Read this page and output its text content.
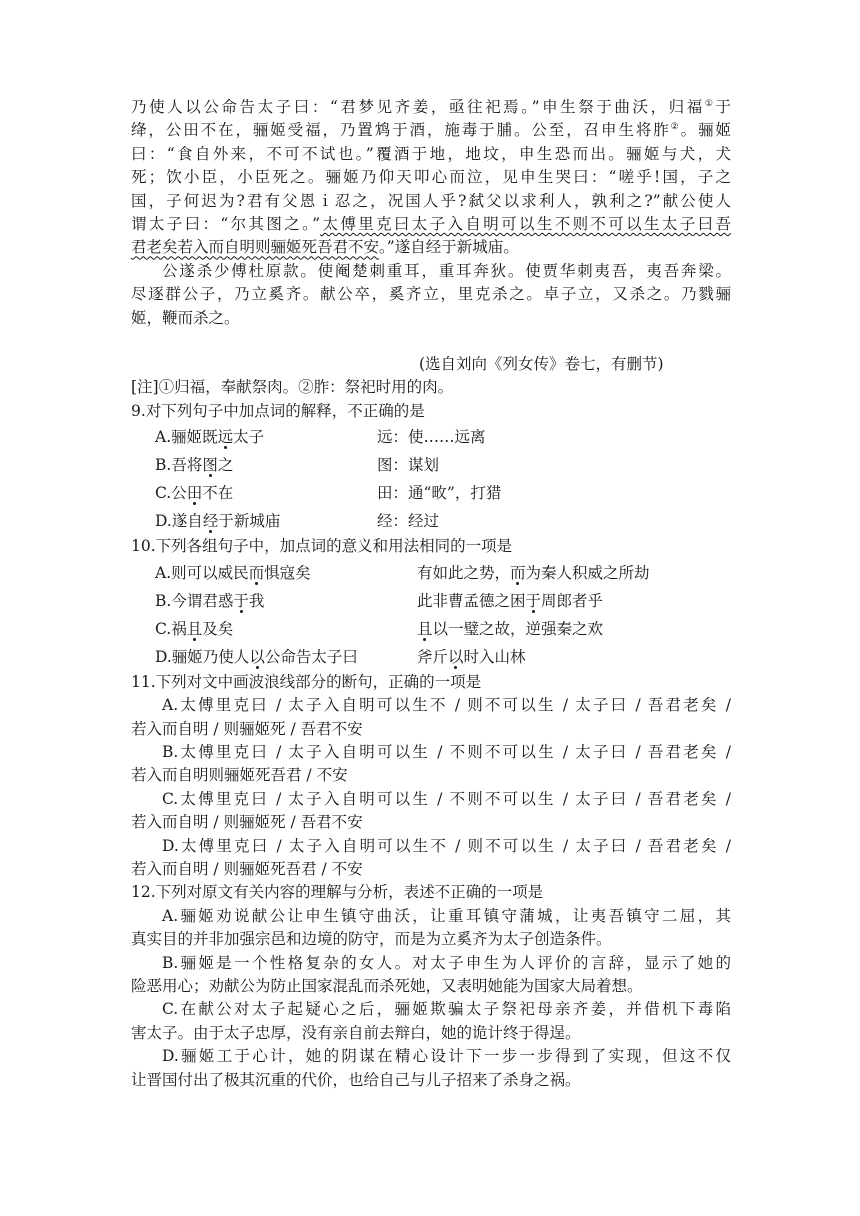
乃使人以公命告太子曰：“君梦见齐姜，亟往祀焉。”申生祭于曲沃，归福①于
绛，公田不在，骊姬受福，乃置鸩于酒，施毒于脯。公至，召申生将胙②。骊姬
曰：“食自外来，不可不试也。”覆酒于地，地坟，申生恐而出。骊姬与犬，犬
死；饮小臣，小臣死之。骊姬乃仰天叩心而泣，见申生哭曰：“嗟乎!国，子之
国，子何迟为?君有父恩ｉ忍之，况国人乎?弑父以求利人，孰利之?”献公使人
谓太子曰：“尔其图之。”太傅里克曰太子入自明可以生不则不可以生太子曰吾
君老矣若入而自明则骊姬死吾君不安。”遂自经于新城庙。
公遂杀少傅杜原款。使阉楚刺重耳，重耳奔狄。使贾华刺夷吾，夷吾奔梁。
尽逐群公子，乃立奚齐。献公卒，奚齐立，里克杀之。卓子立，又杀之。乃戮骊
姬，鞭而杀之。
(选自刘向《列女传》卷七，有删节)
[注]①归福，奉献祭肉。②胙：祭祀时用的肉。
9.对下列句子中加点词的解释，不正确的是
A.骊姬既远太子	远：使……远离
B.吾将图之	图：谋划
C.公田不在	田：通“畋”，打猎
D.遂自经于新城庙	经：经过
10.下列各组句子中，加点词的意义和用法相同的一项是
A.则可以威民而惧寇矣	有如此之势，而为秦人积威之所劫
B.今谓君惑于我	此非曹孟德之困于周郎者乎
C.祸且及矣	且以一璧之故，逆强秦之欢
D.骊姬乃使人以公命告太子曰	斧斤以时入山林
11.下列对文中画波浪线部分的断句，正确的一项是
A.太傅里克曰 / 太子入自明可以生不 / 则不可以生 / 太子曰 / 吾君老矣 /
若入而自明 / 则骊姬死 / 吾君不安
B.太傅里克曰 / 太子入自明可以生 / 不则不可以生 / 太子曰 / 吾君老矣 /
若入而自明则骊姬死吾君 / 不安
C.太傅里克曰 / 太子入自明可以生 / 不则不可以生 / 太子曰 / 吾君老矣 /
若入而自明 / 则骊姬死 / 吾君不安
D.太傅里克曰 / 太子入自明可以生不 / 则不可以生 / 太子曰 / 吾君老矣 /
若入而自明 / 则骊姬死吾君 / 不安
12.下列对原文有关内容的理解与分析，表述不正确的一项是
A.骊姬劝说献公让申生镇守曲沃，让重耳镇守蒲城，让夷吾镇守二屈，其
真实目的并非加强宗邑和边境的防守，而是为立奚齐为太子创造条件。
B.骊姬是一个性格复杂的女人。对太子申生为人评价的言辞，显示了她的
险恶用心；劝献公为防止国家混乱而杀死她，又表明她能为国家大局着想。
C.在献公对太子起疑心之后，骊姬欺骗太子祭祀母亲齐姜，并借机下毒陷
害太子。由于太子忠厚，没有亲自前去辩白，她的诡计终于得逞。
D.骊姬工于心计，她的阴谋在精心设计下一步一步得到了实现，但这不仅
让晋国付出了极其沉重的代价，也给自己与儿子招来了杀身之祸。
